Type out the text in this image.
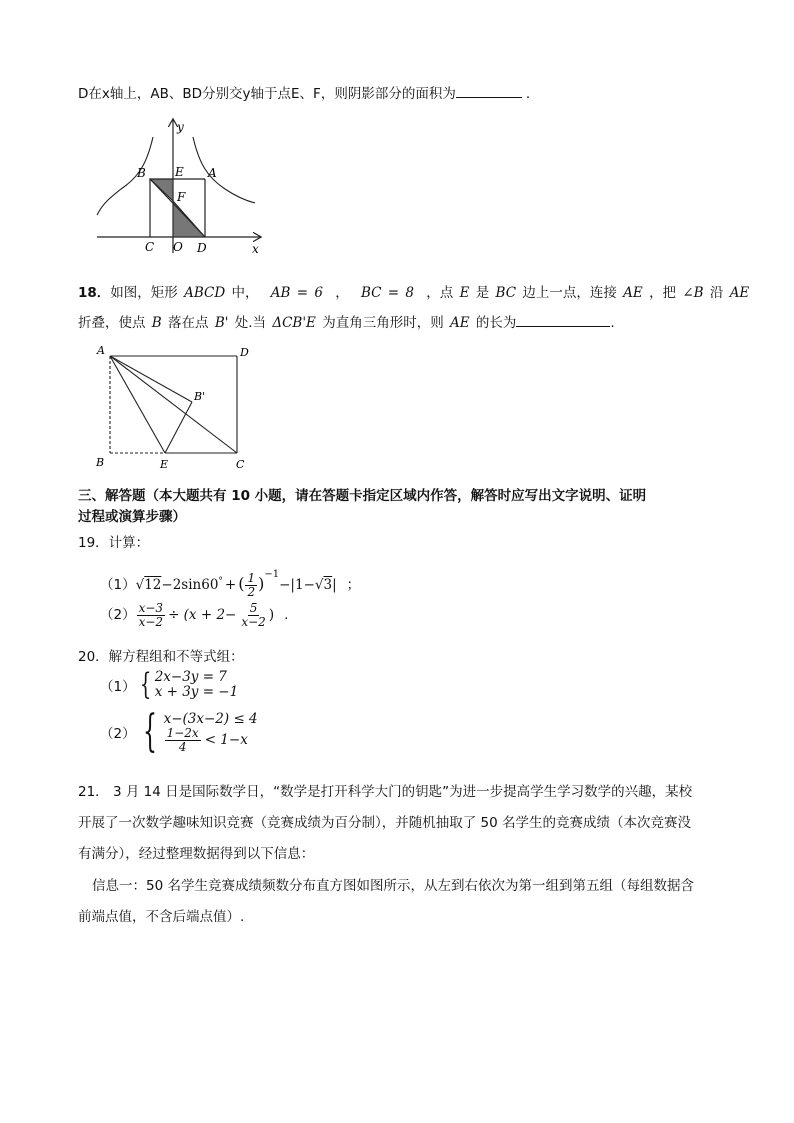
D在x轴上，AB、BD分别交y轴于点E、F，则阴影部分的面积为	.
y
B E A
F
C O D	x
18．如图，矩形 ABCD 中， AB = 6 ， BC = 8 ，点 E 是 BC 边上一点，连接 AE ，把 ∠B 沿 AE
折叠，使点 B 落在点 B' 处.当 ΔCB'E 为直角三角形时，则 AE 的长为	.
A	D
B'
B	E	C
三、解答题（本大题共有 10 小题，请在答题卡指定区域内作答，解答时应写出文字说明、证明
过程或演算步骤）
19．计算：
（1）√12−2sin60° + ( $\frac{1}{2} )^{-1}-|1-√3|$ ；
$(2) \frac{x-3}{x-2} \div (x + 2- \frac{5}{x-2}$ ) .
20．解方程组和不等式组：
（1） { 2x−3y = 7
x + 3y = −1
（2） { x−(3x−2) ≤ 4
$\frac{1-2x}{4} < 1-x$
21． 3 月 14 日是国际数学日，“数学是打开科学大门的钥匙”为进一步提高学生学习数学的兴趣，某校
开展了一次数学趣味知识竞赛（竞赛成绩为百分制），并随机抽取了 50 名学生的竞赛成绩（本次竞赛没
有满分），经过整理数据得到以下信息：
信息一：50 名学生竞赛成绩频数分布直方图如图所示，从左到右依次为第一组到第五组（每组数据含
前端点值，不含后端点值）.
